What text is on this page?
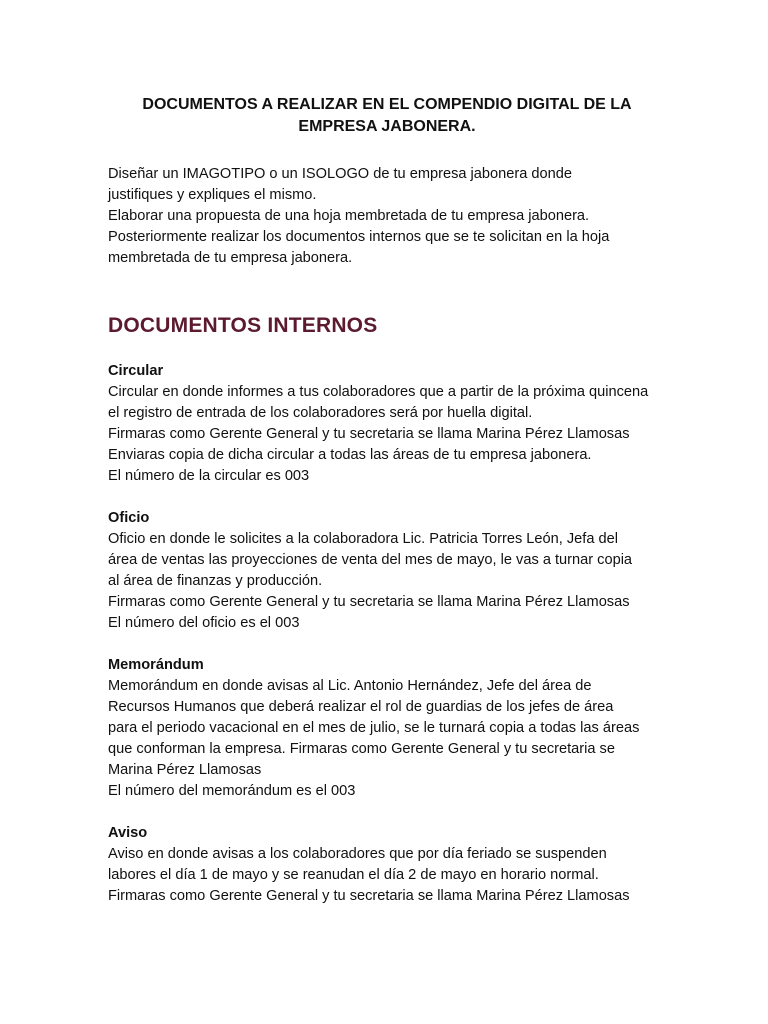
DOCUMENTOS A REALIZAR EN EL COMPENDIO DIGITAL DE LA
EMPRESA JABONERA.

Diseñar un IMAGOTIPO o un ISOLOGO de tu empresa jabonera donde

justifiques y expliques el mismo.

Elaborar una propuesta de una hoja membretada de tu empresa jabonera.

Posteriormente realizar los documentos internos que se te solicitan en la hoja

membretada de tu empresa jabonera.

DOCUMENTOS INTERNOS
Circular

Circular en donde informes a tus colaboradores que a partir de la próxima quincena

el registro de entrada de los colaboradores será por huella digital.

Firmaras como Gerente General y tu secretaria se llama Marina Pérez Llamosas

Enviaras copia de dicha circular a todas las áreas de tu empresa jabonera.

El número de la circular es 003

Oficio

Oficio en donde le solicites a la colaboradora Lic. Patricia Torres León, Jefa del

área de ventas las proyecciones de venta del mes de mayo, le vas a turnar copia

al área de finanzas y producción.

Firmaras como Gerente General y tu secretaria se llama Marina Pérez Llamosas

El número del oficio es el 003

Memorándum

Memorándum en donde avisas al Lic. Antonio Hernández, Jefe del área de

Recursos Humanos que deberá realizar el rol de guardias de los jefes de área

para el periodo vacacional en el mes de julio, se le turnará copia a todas las áreas

que conforman la empresa. Firmaras como Gerente General y tu secretaria se

Marina Pérez Llamosas

El número del memorándum es el 003

Aviso

Aviso en donde avisas a los colaboradores que por día feriado se suspenden

labores el día 1 de mayo y se reanudan el día 2 de mayo en horario normal.

Firmaras como Gerente General y tu secretaria se llama Marina Pérez Llamosas
